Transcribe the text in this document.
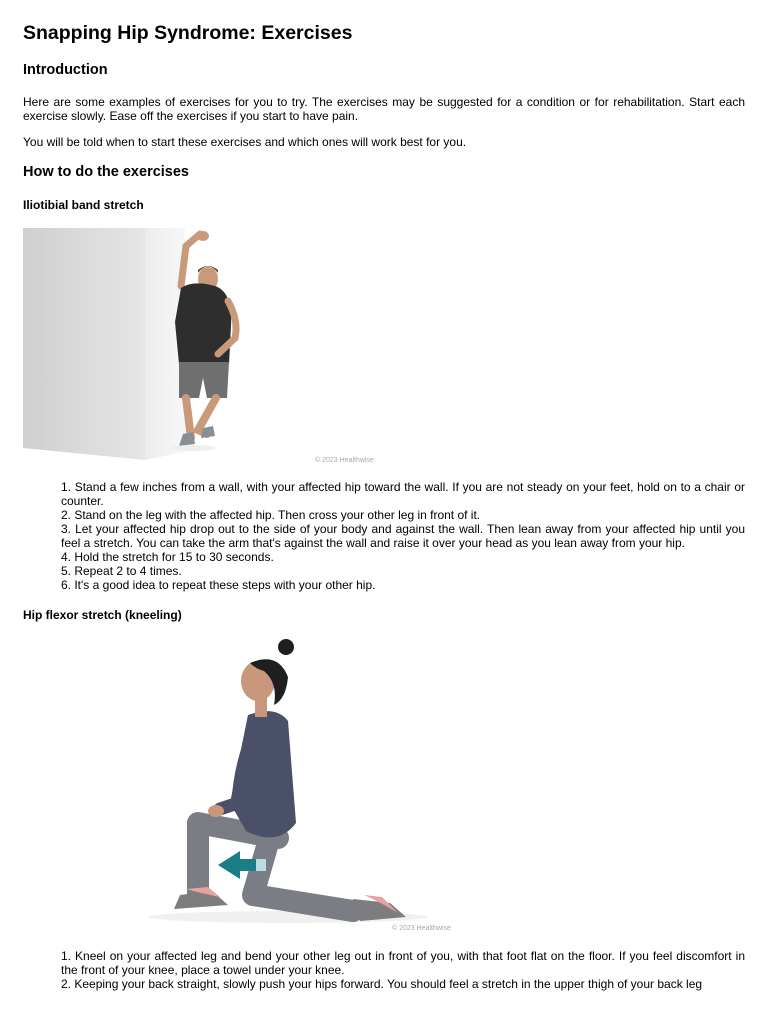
Snapping Hip Syndrome: Exercises
Introduction

Here are some examples of exercises for you to try. The exercises may be suggested for a condition or for rehabilitation. Start each exercise slowly. Ease off the exercises if you start to have pain.

You will be told when to start these exercises and which ones will work best for you.

How to do the exercises
Iliotibial band stretch
© 2023 Healthwise
1. Stand a few inches from a wall, with your affected hip toward the wall. If you are not steady on your feet, hold on to a chair or counter.
2. Stand on the leg with the affected hip. Then cross your other leg in front of it.
3. Let your affected hip drop out to the side of your body and against the wall. Then lean away from your affected hip until you feel a stretch. You can take the arm that's against the wall and raise it over your head as you lean away from your hip.
4. Hold the stretch for 15 to 30 seconds.
5. Repeat 2 to 4 times.
6. It's a good idea to repeat these steps with your other hip.
Hip flexor stretch (kneeling)
© 2023 Healthwise
1. Kneel on your affected leg and bend your other leg out in front of you, with that foot flat on the floor. If you feel discomfort in the front of your knee, place a towel under your knee.
2. Keeping your back straight, slowly push your hips forward. You should feel a stretch in the upper thigh of your back leg
